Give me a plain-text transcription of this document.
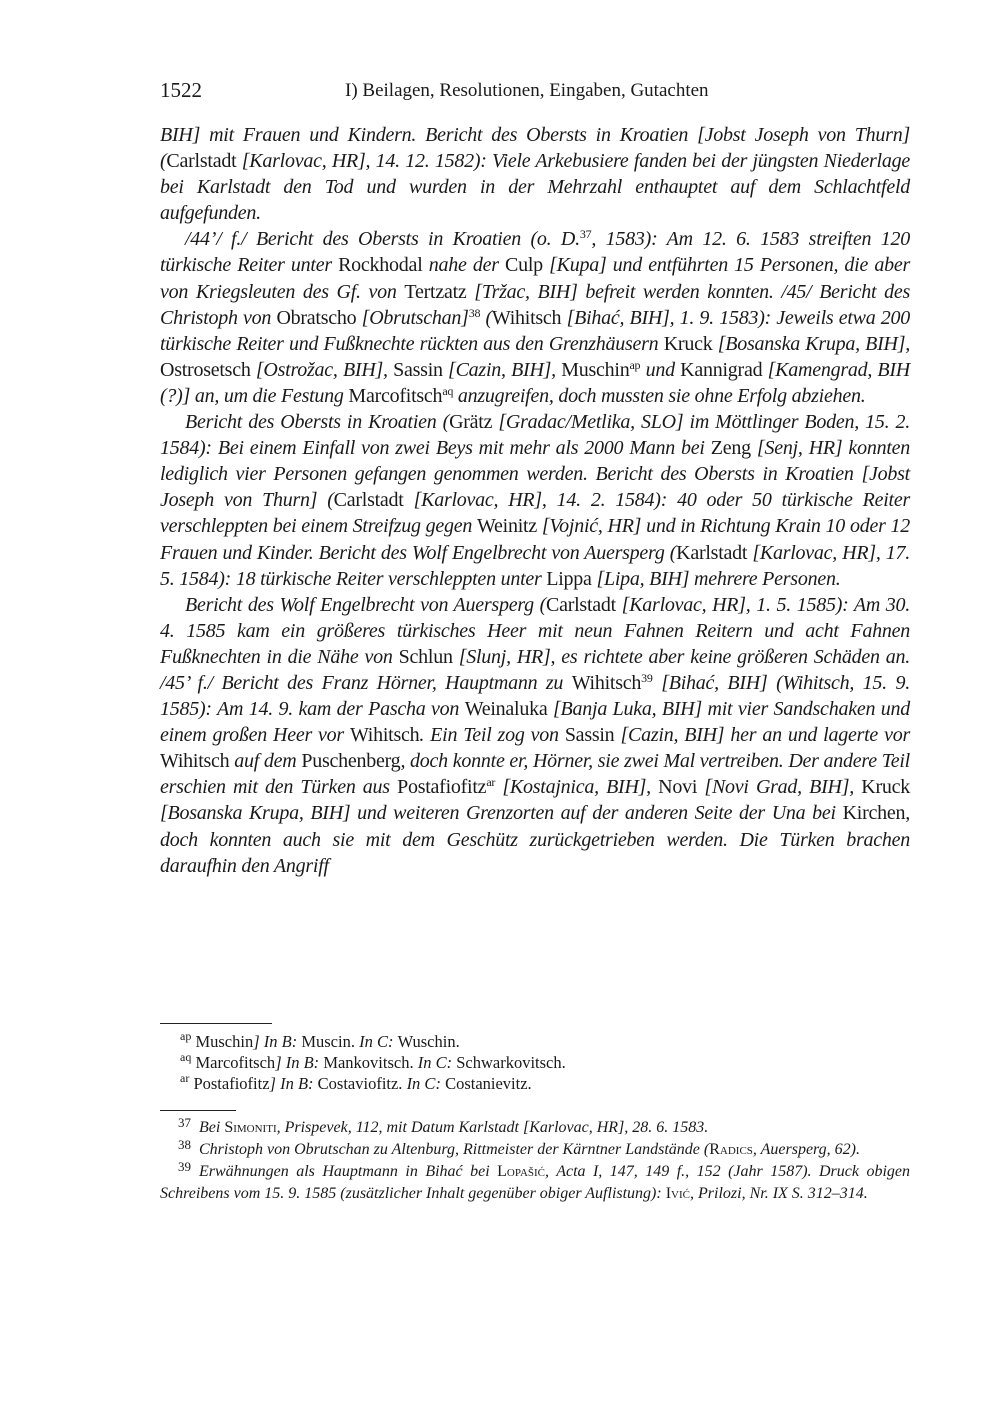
1522	I) Beilagen, Resolutionen, Eingaben, Gutachten

BIH] mit Frauen und Kindern. Bericht des Obersts in Kroatien [Jobst Joseph von Thurn] (Carlstadt [Karlovac, HR], 14. 12. 1582): Viele Arkebusiere fanden bei der jüngsten Niederlage bei Karlstadt den Tod und wurden in der Mehrzahl enthauptet auf dem Schlachtfeld aufgefunden.

/44’/ f./ Bericht des Obersts in Kroatien (o. D.$^{37}$, 1583): Am 12. 6. 1583 streiften 120 türkische Reiter unter Rockhodal nahe der Culp [Kupa] und entführten 15 Personen, die aber von Kriegsleuten des Gf. von Tertzatz [Tržac, BIH] befreit werden konnten. /45/ Bericht des Christoph von Obratscho [Obrutschan]$^{38}$ (Wihitsch [Bihać, BIH], 1. 9. 1583): Jeweils etwa 200 türkische Reiter und Fußknechte rückten aus den Grenzhäusern Kruck [Bosanska Krupa, BIH], Ostrosetsch [Ostrožac, BIH], Sassin [Cazin, BIH], Muschin$^{ap}$ und Kannigrad [Kamengrad, BIH (?)] an, um die Festung Marcofitsch$^{aq}$ anzugreifen, doch mussten sie ohne Erfolg abziehen.

Bericht des Obersts in Kroatien (Grätz [Gradac/Metlika, SLO] im Möttlinger Boden, 15. 2. 1584): Bei einem Einfall von zwei Beys mit mehr als 2000 Mann bei Zeng [Senj, HR] konnten lediglich vier Personen gefangen genommen werden. Bericht des Obersts in Kroatien [Jobst Joseph von Thurn] (Carlstadt [Karlovac, HR], 14. 2. 1584): 40 oder 50 türkische Reiter verschleppten bei einem Streifzug gegen Weinitz [Vojnić, HR] und in Richtung Krain 10 oder 12 Frauen und Kinder. Bericht des Wolf Engelbrecht von Auersperg (Karlstadt [Karlovac, HR], 17. 5. 1584): 18 türkische Reiter verschleppten unter Lippa [Lipa, BIH] mehrere Personen.

Bericht des Wolf Engelbrecht von Auersperg (Carlstadt [Karlovac, HR], 1. 5. 1585): Am 30. 4. 1585 kam ein größeres türkisches Heer mit neun Fahnen Reitern und acht Fahnen Fußknechten in die Nähe von Schlun [Slunj, HR], es richtete aber keine größeren Schäden an. /45’ f./ Bericht des Franz Hörner, Hauptmann zu Wihitsch$^{39}$ [Bihać, BIH] (Wihitsch, 15. 9. 1585): Am 14. 9. kam der Pascha von Weinaluka [Banja Luka, BIH] mit vier Sandschaken und einem großen Heer vor Wihitsch. Ein Teil zog von Sassin [Cazin, BIH] her an und lagerte vor Wihitsch auf dem Puschenberg, doch konnte er, Hörner, sie zwei Mal vertreiben. Der andere Teil erschien mit den Türken aus Postafiofitz$^{ar}$ [Kostajnica, BIH], Novi [Novi Grad, BIH], Kruck [Bosanska Krupa, BIH] und weiteren Grenzorten auf der anderen Seite der Una bei Kirchen, doch konnten auch sie mit dem Geschütz zurückgetrieben werden. Die Türken brachen daraufhin den Angriff

$^{ap}$ Muschin] In B: Muscin. In C: Wuschin.
$^{aq}$ Marcofitsch] In B: Mankovitsch. In C: Schwarkovitsch.
$^{ar}$ Postafiofitz] In B: Costaviofitz. In C: Costanievitz.
$^{37}$ Bei Simoniti, Prispevek, 112, mit Datum Karlstadt [Karlovac, HR], 28. 6. 1583.
$^{38}$ Christoph von Obrutschan zu Altenburg, Rittmeister der Kärntner Landstände (Radics, Auersperg, 62).
$^{39}$ Erwähnungen als Hauptmann in Bihać bei Lopašić, Acta I, 147, 149 f., 152 (Jahr 1587). Druck obigen Schreibens vom 15. 9. 1585 (zusätzlicher Inhalt gegenüber obiger Auflistung): Ivić, Prilozi, Nr. IX S. 312–314.
